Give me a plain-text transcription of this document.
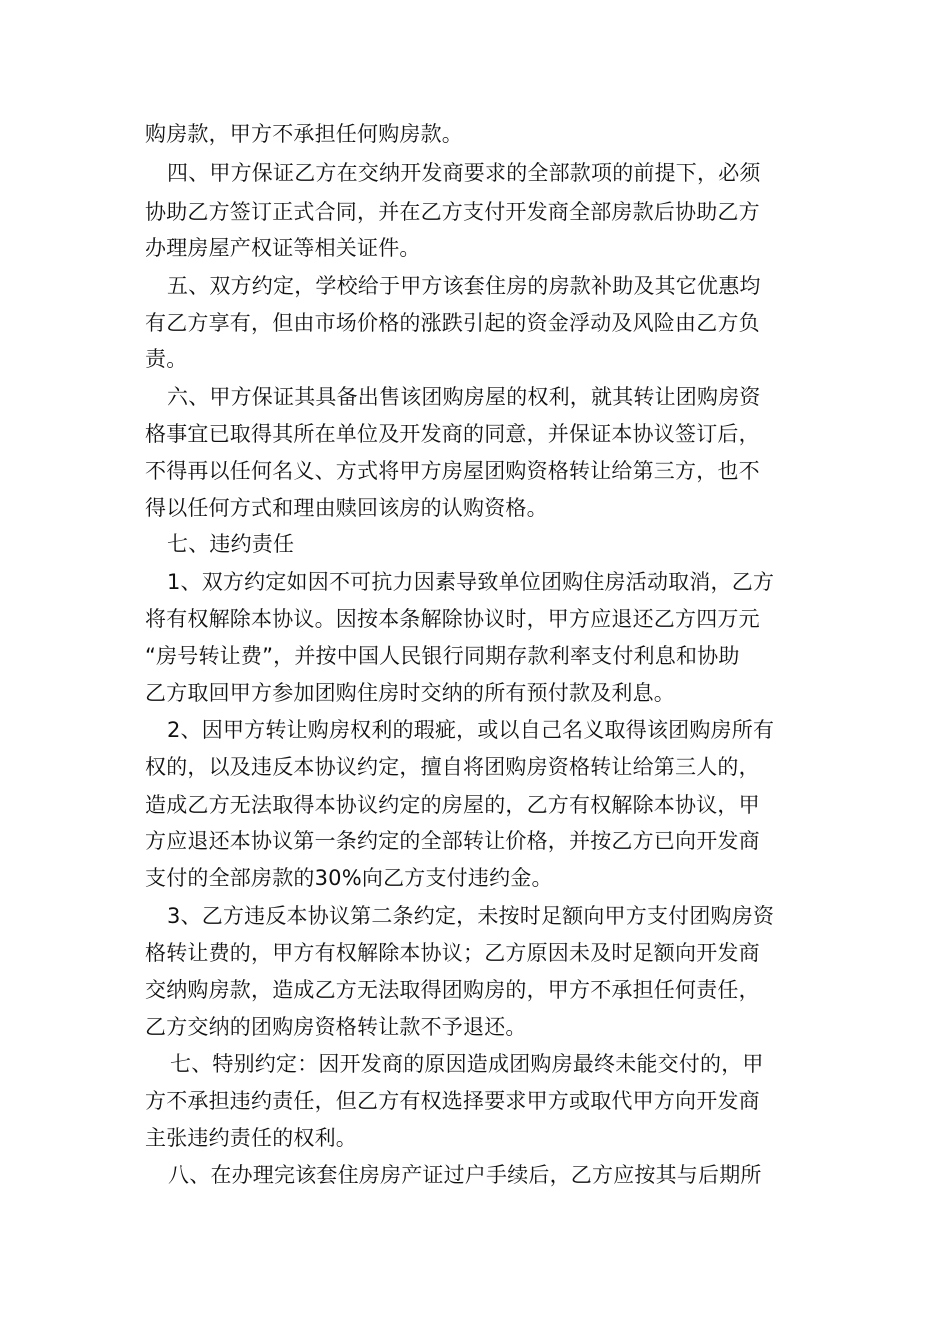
购房款，甲方不承担任何购房款。
四、甲方保证乙方在交纳开发商要求的全部款项的前提下，必须
协助乙方签订正式合同，并在乙方支付开发商全部房款后协助乙方
办理房屋产权证等相关证件。
五、双方约定，学校给于甲方该套住房的房款补助及其它优惠均
有乙方享有，但由市场价格的涨跌引起的资金浮动及风险由乙方负
责。
六、甲方保证其具备出售该团购房屋的权利，就其转让团购房资
格事宜已取得其所在单位及开发商的同意，并保证本协议签订后，
不得再以任何名义、方式将甲方房屋团购资格转让给第三方，也不
得以任何方式和理由赎回该房的认购资格。
七、违约责任
1、双方约定如因不可抗力因素导致单位团购住房活动取消，乙方
将有权解除本协议。因按本条解除协议时，甲方应退还乙方四万元
“房号转让费”，并按中国人民银行同期存款利率支付利息和协助
乙方取回甲方参加团购住房时交纳的所有预付款及利息。
2、因甲方转让购房权利的瑕疵，或以自己名义取得该团购房所有
权的，以及违反本协议约定，擅自将团购房资格转让给第三人的，
造成乙方无法取得本协议约定的房屋的，乙方有权解除本协议，甲
方应退还本协议第一条约定的全部转让价格，并按乙方已向开发商
支付的全部房款的30%向乙方支付违约金。
3、乙方违反本协议第二条约定，未按时足额向甲方支付团购房资
格转让费的，甲方有权解除本协议；乙方原因未及时足额向开发商
交纳购房款，造成乙方无法取得团购房的，甲方不承担任何责任，
乙方交纳的团购房资格转让款不予退还。
七、特别约定：因开发商的原因造成团购房最终未能交付的，甲
方不承担违约责任，但乙方有权选择要求甲方或取代甲方向开发商
主张违约责任的权利。
八、在办理完该套住房房产证过户手续后，乙方应按其与后期所
